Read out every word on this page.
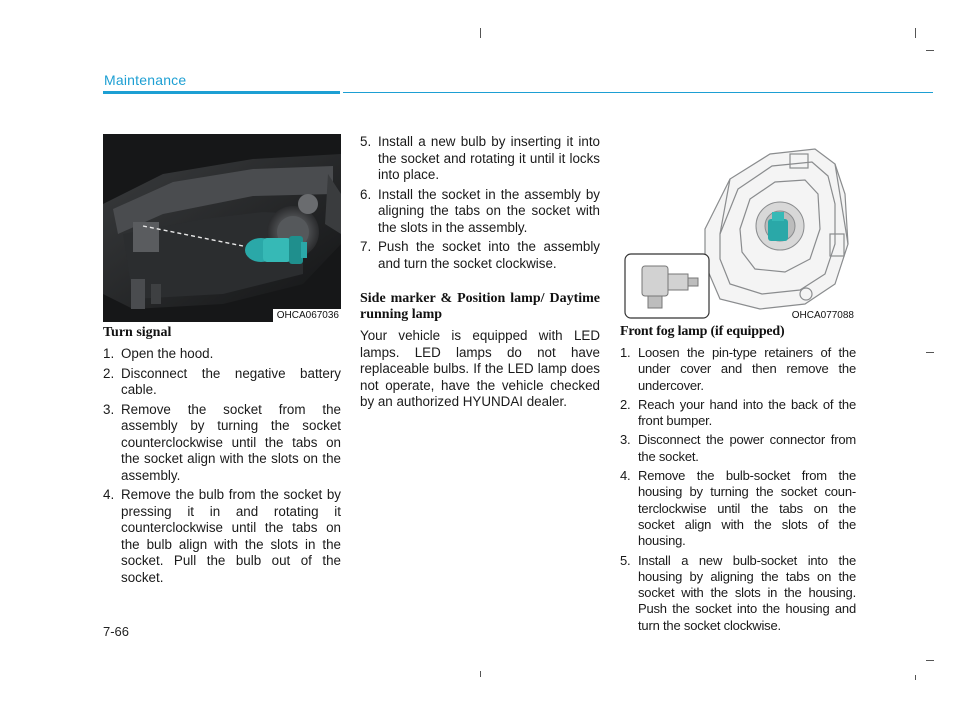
Maintenance
OHCA067036
Turn signal
1. Open the hood.
2. Disconnect the negative battery cable.
3. Remove the socket from the assembly by turning the socket counterclockwise until the tabs on the socket align with the slots on the assembly.
4. Remove the bulb from the socket by pressing it in and rotating it counterclockwise until the tabs on the bulb align with the slots in the socket. Pull the bulb out of the socket.
5. Install a new bulb by inserting it into the socket and rotating it until it locks into place.
6. Install the socket in the assembly by aligning the tabs on the socket with the slots in the assembly.
7. Push the socket into the assembly and turn the socket clockwise.
Side marker & Position lamp/ Daytime running lamp

Your vehicle is equipped with LED lamps. LED lamps do not have replaceable bulbs. If the LED lamp does not operate, have the vehicle checked by an authorized HYUNDAI dealer.

OHCA077088
Front fog lamp (if equipped)
1. Loosen the pin-type retainers of the under cover and then remove the undercover.
2. Reach your hand into the back of the front bumper.
3. Disconnect the power connector from the socket.
4. Remove the bulb-socket from the housing by turning the socket coun-terclockwise until the tabs on the socket align with the slots of the housing.
5. Install a new bulb-socket into the housing by aligning the tabs on the socket with the slots in the housing. Push the socket into the housing and turn the socket clockwise.
7-66
